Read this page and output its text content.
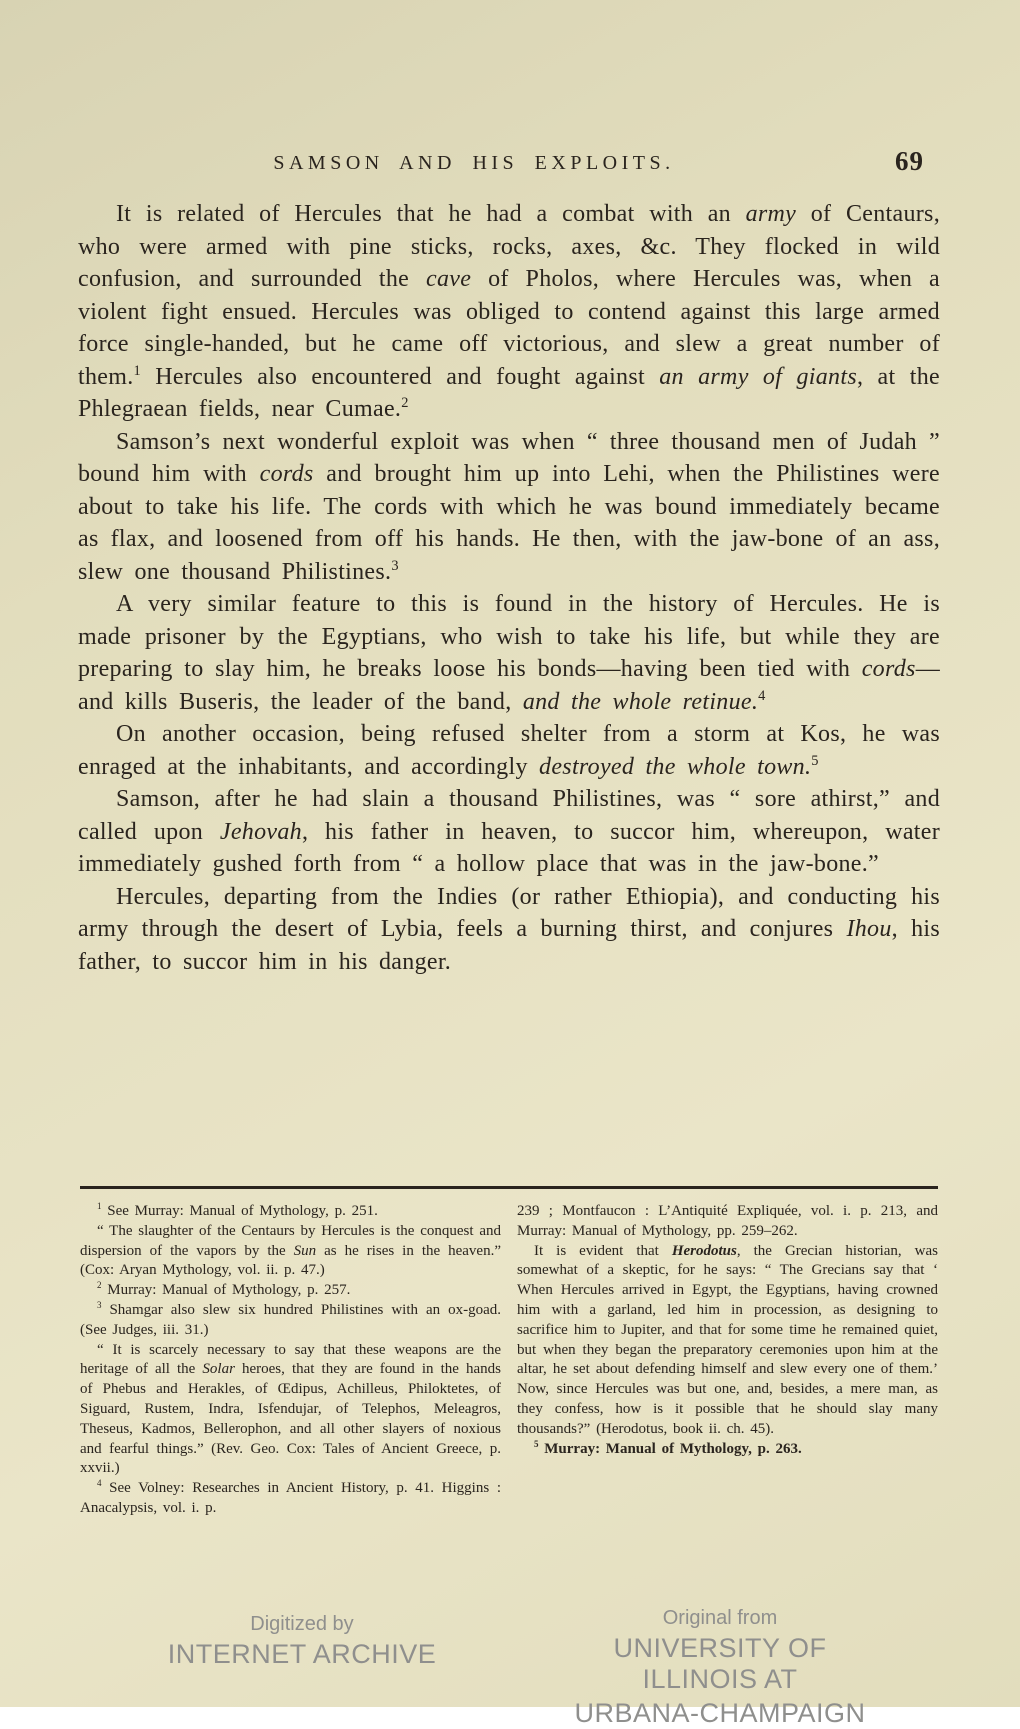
SAMSON AND HIS EXPLOITS.	69

It is related of Hercules that he had a combat with an army of Centaurs, who were armed with pine sticks, rocks, axes, &c. They flocked in wild confusion, and surrounded the cave of Pholos, where Hercules was, when a violent fight ensued. Hercules was obliged to contend against this large armed force single-handed, but he came off victorious, and slew a great number of them.$^1$ Hercules also encountered and fought against an army of giants, at the Phlegraean fields, near Cumae.$^2$

Samson’s next wonderful exploit was when “ three thousand men of Judah ” bound him with cords and brought him up into Lehi, when the Philistines were about to take his life. The cords with which he was bound immediately became as flax, and loosened from off his hands. He then, with the jaw-bone of an ass, slew one thousand Philistines.$^3$

A very similar feature to this is found in the history of Hercules. He is made prisoner by the Egyptians, who wish to take his life, but while they are preparing to slay him, he breaks loose his bonds—having been tied with cords—and kills Buseris, the leader of the band, and the whole retinue.$^4$

On another occasion, being refused shelter from a storm at Kos, he was enraged at the inhabitants, and accordingly destroyed the whole town.$^5$

Samson, after he had slain a thousand Philistines, was “ sore athirst,” and called upon Jehovah, his father in heaven, to succor him, whereupon, water immediately gushed forth from “ a hollow place that was in the jaw-bone.”

Hercules, departing from the Indies (or rather Ethiopia), and conducting his army through the desert of Lybia, feels a burning thirst, and conjures Ihou, his father, to succor him in his danger.

$^1$ See Murray: Manual of Mythology, p. 251.

“ The slaughter of the Centaurs by Hercules is the conquest and dispersion of the vapors by the Sun as he rises in the heaven.” (Cox: Aryan Mythology, vol. ii. p. 47.)

$^2$ Murray: Manual of Mythology, p. 257.

$^3$ Shamgar also slew six hundred Philistines with an ox-goad. (See Judges, iii. 31.)

“ It is scarcely necessary to say that these weapons are the heritage of all the Solar heroes, that they are found in the hands of Phebus and Herakles, of Œdipus, Achilleus, Philoktetes, of Siguard, Rustem, Indra, Isfendujar, of Telephos, Meleagros, Theseus, Kadmos, Bellerophon, and all other slayers of noxious and fearful things.” (Rev. Geo. Cox: Tales of Ancient Greece, p. xxvii.)

$^4$ See Volney: Researches in Ancient History, p. 41. Higgins : Anacalypsis, vol. i. p.

239 ; Montfaucon : L’Antiquité Expliquée, vol. i. p. 213, and Murray: Manual of Mythology, pp. 259–262.

It is evident that Herodotus, the Grecian historian, was somewhat of a skeptic, for he says: “ The Grecians say that ‘ When Hercules arrived in Egypt, the Egyptians, having crowned him with a garland, led him in procession, as designing to sacrifice him to Jupiter, and that for some time he remained quiet, but when they began the preparatory ceremonies upon him at the altar, he set about defending himself and slew every one of them.’ Now, since Hercules was but one, and, besides, a mere man, as they confess, how is it possible that he should slay many thousands?” (Herodotus, book ii. ch. 45).

$^5$ Murray: Manual of Mythology, p. 263.

Digitized by
INTERNET ARCHIVE
Original from
UNIVERSITY OF ILLINOIS AT
URBANA-CHAMPAIGN
